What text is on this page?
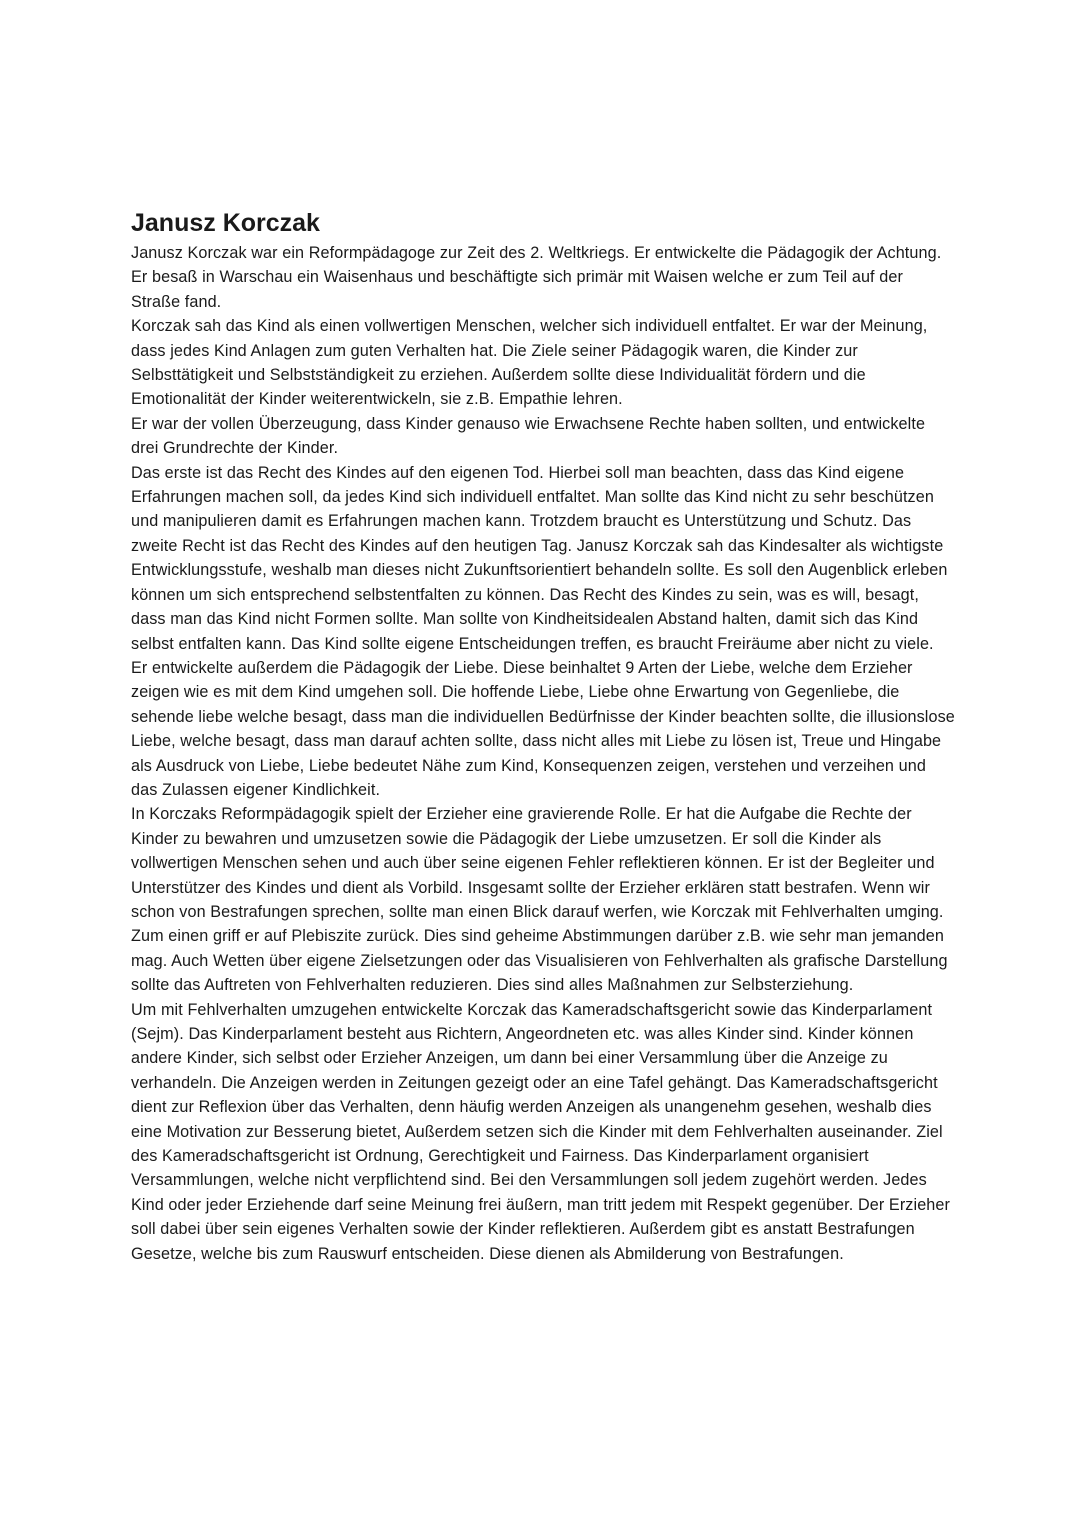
Janusz Korczak

Janusz Korczak war ein Reformpädagoge zur Zeit des 2. Weltkriegs. Er entwickelte die Pädagogik der Achtung. Er besaß in Warschau ein Waisenhaus und beschäftigte sich primär mit Waisen welche er zum Teil auf der Straße fand.

Korczak sah das Kind als einen vollwertigen Menschen, welcher sich individuell entfaltet. Er war der Meinung, dass jedes Kind Anlagen zum guten Verhalten hat. Die Ziele seiner Pädagogik waren, die Kinder zur Selbsttätigkeit und Selbstständigkeit zu erziehen. Außerdem sollte diese Individualität fördern und die Emotionalität der Kinder weiterentwickeln, sie z.B. Empathie lehren.

Er war der vollen Überzeugung, dass Kinder genauso wie Erwachsene Rechte haben sollten, und entwickelte drei Grundrechte der Kinder.

Das erste ist das Recht des Kindes auf den eigenen Tod. Hierbei soll man beachten, dass das Kind eigene Erfahrungen machen soll, da jedes Kind sich individuell entfaltet. Man sollte das Kind nicht zu sehr beschützen und manipulieren damit es Erfahrungen machen kann. Trotzdem braucht es Unterstützung und Schutz. Das zweite Recht ist das Recht des Kindes auf den heutigen Tag. Janusz Korczak sah das Kindesalter als wichtigste Entwicklungsstufe, weshalb man dieses nicht Zukunftsorientiert behandeln sollte. Es soll den Augenblick erleben können um sich entsprechend selbstentfalten zu können. Das Recht des Kindes zu sein, was es will, besagt, dass man das Kind nicht Formen sollte. Man sollte von Kindheitsidealen Abstand halten, damit sich das Kind selbst entfalten kann. Das Kind sollte eigene Entscheidungen treffen, es braucht Freiräume aber nicht zu viele.

Er entwickelte außerdem die Pädagogik der Liebe. Diese beinhaltet 9 Arten der Liebe, welche dem Erzieher zeigen wie es mit dem Kind umgehen soll. Die hoffende Liebe, Liebe ohne Erwartung von Gegenliebe, die sehende liebe welche besagt, dass man die individuellen Bedürfnisse der Kinder beachten sollte, die illusionslose Liebe, welche besagt, dass man darauf achten sollte, dass nicht alles mit Liebe zu lösen ist, Treue und Hingabe als Ausdruck von Liebe, Liebe bedeutet Nähe zum Kind, Konsequenzen zeigen, verstehen und verzeihen und das Zulassen eigener Kindlichkeit.

In Korczaks Reformpädagogik spielt der Erzieher eine gravierende Rolle. Er hat die Aufgabe die Rechte der Kinder zu bewahren und umzusetzen sowie die Pädagogik der Liebe umzusetzen. Er soll die Kinder als vollwertigen Menschen sehen und auch über seine eigenen Fehler reflektieren können. Er ist der Begleiter und Unterstützer des Kindes und dient als Vorbild. Insgesamt sollte der Erzieher erklären statt bestrafen. Wenn wir schon von Bestrafungen sprechen, sollte man einen Blick darauf werfen, wie Korczak mit Fehlverhalten umging. Zum einen griff er auf Plebiszite zurück. Dies sind geheime Abstimmungen darüber z.B. wie sehr man jemanden mag. Auch Wetten über eigene Zielsetzungen oder das Visualisieren von Fehlverhalten als grafische Darstellung sollte das Auftreten von Fehlverhalten reduzieren. Dies sind alles Maßnahmen zur Selbsterziehung.

Um mit Fehlverhalten umzugehen entwickelte Korczak das Kameradschaftsgericht sowie das Kinderparlament (Sejm). Das Kinderparlament besteht aus Richtern, Angeordneten etc. was alles Kinder sind. Kinder können andere Kinder, sich selbst oder Erzieher Anzeigen, um dann bei einer Versammlung über die Anzeige zu verhandeln. Die Anzeigen werden in Zeitungen gezeigt oder an eine Tafel gehängt. Das Kameradschaftsgericht dient zur Reflexion über das Verhalten, denn häufig werden Anzeigen als unangenehm gesehen, weshalb dies eine Motivation zur Besserung bietet, Außerdem setzen sich die Kinder mit dem Fehlverhalten auseinander. Ziel des Kameradschaftsgericht ist Ordnung, Gerechtigkeit und Fairness. Das Kinderparlament organisiert Versammlungen, welche nicht verpflichtend sind. Bei den Versammlungen soll jedem zugehört werden. Jedes Kind oder jeder Erziehende darf seine Meinung frei äußern, man tritt jedem mit Respekt gegenüber. Der Erzieher soll dabei über sein eigenes Verhalten sowie der Kinder reflektieren. Außerdem gibt es anstatt Bestrafungen Gesetze, welche bis zum Rauswurf entscheiden. Diese dienen als Abmilderung von Bestrafungen.
